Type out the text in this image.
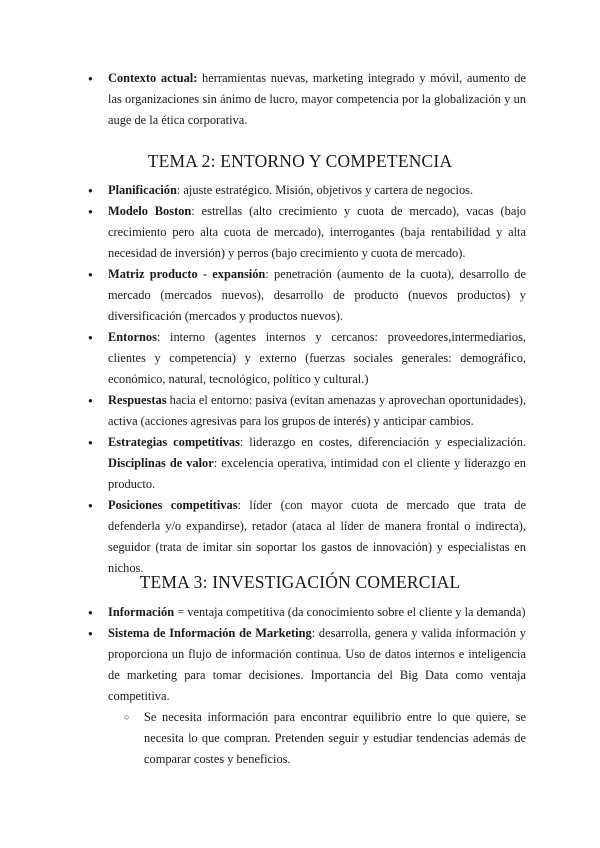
● Contexto actual: herramientas nuevas, marketing integrado y móvil, aumento de las organizaciones sin ánimo de lucro, mayor competencia por la globalización y un auge de la ética corporativa.
TEMA 2: ENTORNO Y COMPETENCIA
● Planificación: ajuste estratégico. Misión, objetivos y cartera de negocios.
● Modelo Boston: estrellas (alto crecimiento y cuota de mercado), vacas (bajo crecimiento pero alta cuota de mercado), interrogantes (baja rentabilidad y alta necesidad de inversión) y perros (bajo crecimiento y cuota de mercado).
● Matriz producto - expansión: penetración (aumento de la cuota), desarrollo de mercado (mercados nuevos), desarrollo de producto (nuevos productos) y diversificación (mercados y productos nuevos).
● Entornos: interno (agentes internos y cercanos: proveedores,intermediarios, clientes y competencia) y externo (fuerzas sociales generales: demográfico, económico, natural, tecnológico, político y cultural.)
● Respuestas hacia el entorno: pasiva (evitan amenazas y aprovechan oportunidades), activa (acciones agresivas para los grupos de interés) y anticipar cambios.
● Estrategias competitivas: liderazgo en costes, diferenciación y especialización. Disciplinas de valor: excelencia operativa, intimidad con el cliente y liderazgo en producto.
● Posiciones competitivas: líder (con mayor cuota de mercado que trata de defenderla y/o expandirse), retador (ataca al líder de manera frontal o indirecta), seguidor (trata de imitar sin soportar los gastos de innovación) y especialistas en nichos.
TEMA 3: INVESTIGACIÓN COMERCIAL
● Información = ventaja competitiva (da conocimiento sobre el cliente y la demanda)
● Sistema de Información de Marketing: desarrolla, genera y valida información y proporciona un flujo de información continua. Uso de datos internos e inteligencia de marketing para tomar decisiones. Importancia del Big Data como ventaja competitiva.
○ Se necesita información para encontrar equilibrio entre lo que quiere, se necesita lo que compran. Pretenden seguir y estudiar tendencias además de comparar costes y beneficios.
